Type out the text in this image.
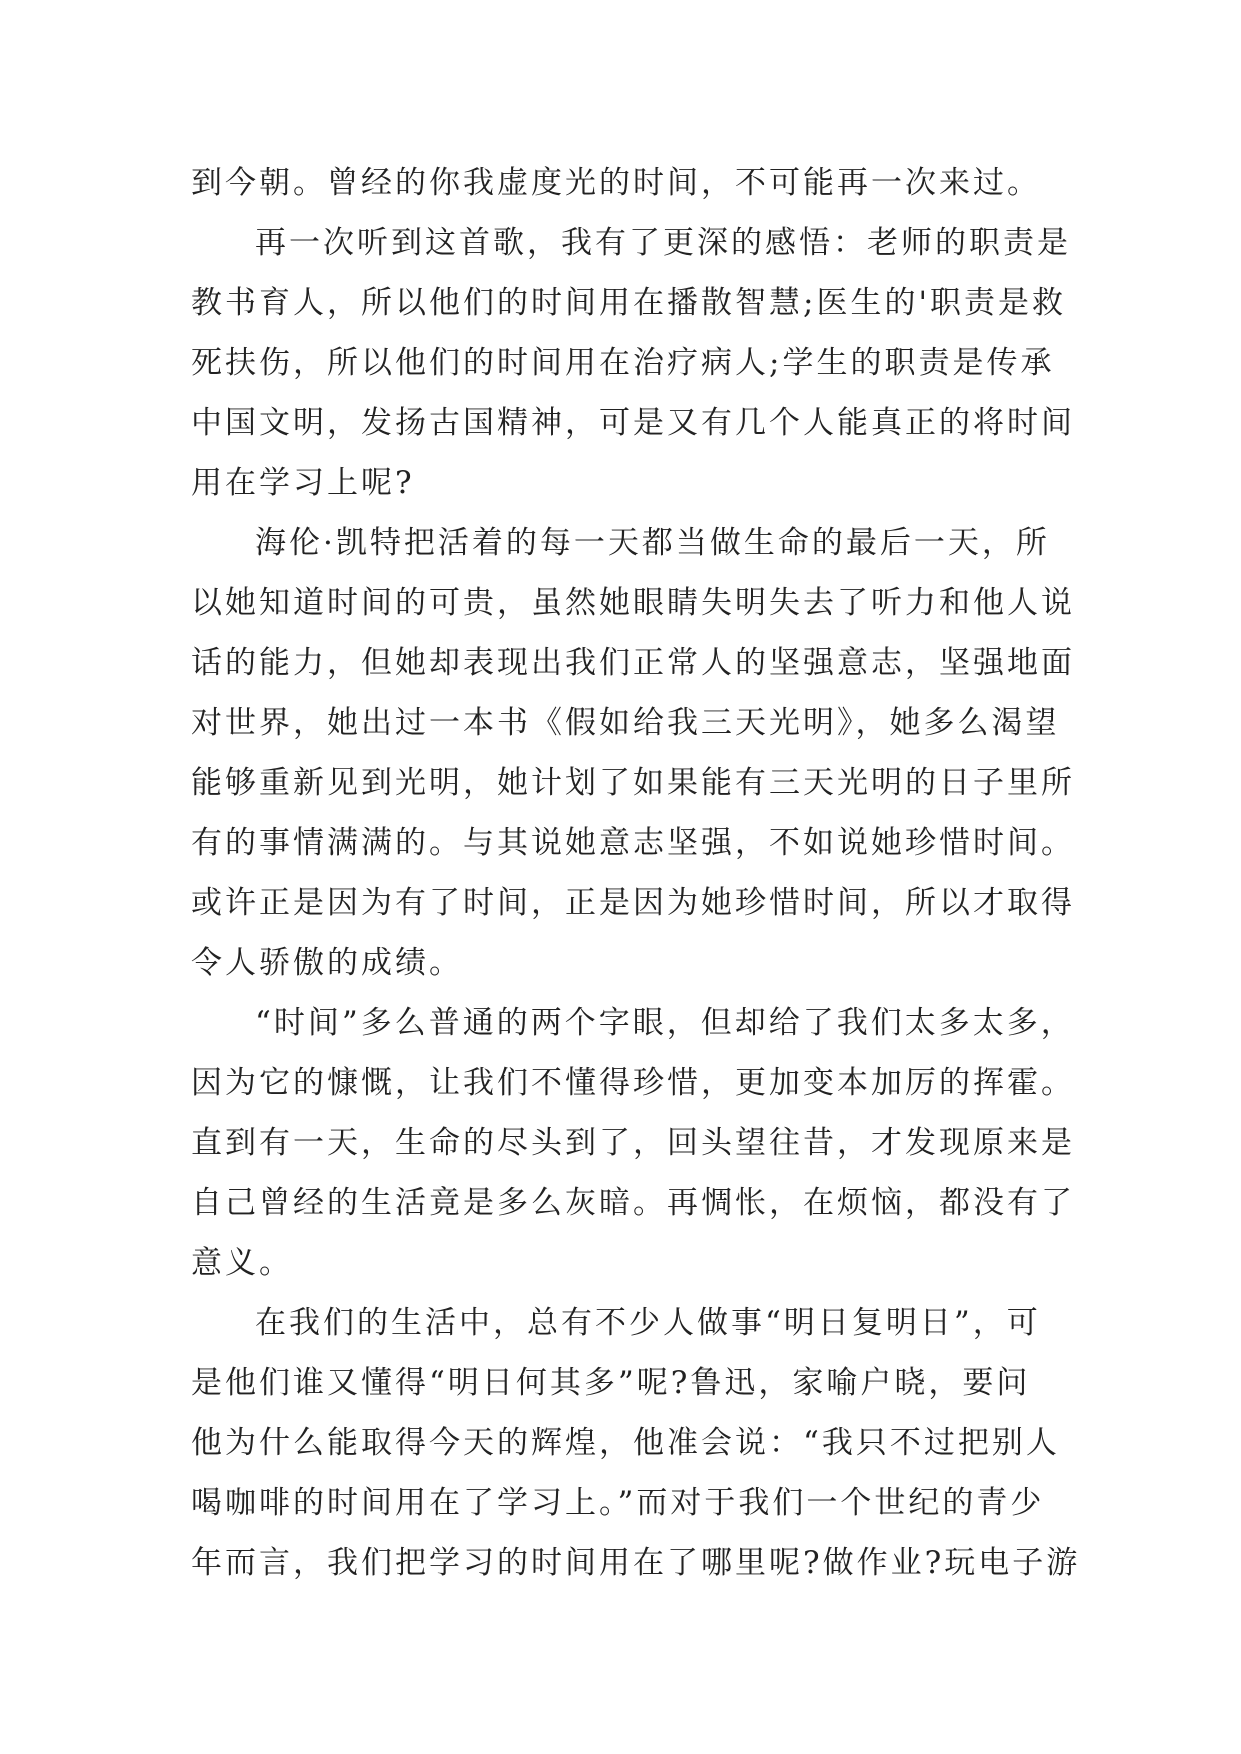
到今朝。曾经的你我虚度光的时间，不可能再一次来过。
再一次听到这首歌，我有了更深的感悟：老师的职责是
教书育人，所以他们的时间用在播散智慧;医生的'职责是救
死扶伤，所以他们的时间用在治疗病人;学生的职责是传承
中国文明，发扬古国精神，可是又有几个人能真正的将时间
用在学习上呢?
海伦·凯特把活着的每一天都当做生命的最后一天，所
以她知道时间的可贵，虽然她眼睛失明失去了听力和他人说
话的能力，但她却表现出我们正常人的坚强意志，坚强地面
对世界，她出过一本书《假如给我三天光明》，她多么渴望
能够重新见到光明，她计划了如果能有三天光明的日子里所
有的事情满满的。与其说她意志坚强，不如说她珍惜时间。
或许正是因为有了时间，正是因为她珍惜时间，所以才取得
令人骄傲的成绩。
“时间”多么普通的两个字眼，但却给了我们太多太多，
因为它的慷慨，让我们不懂得珍惜，更加变本加厉的挥霍。
直到有一天，生命的尽头到了，回头望往昔，才发现原来是
自己曾经的生活竟是多么灰暗。再惆怅，在烦恼，都没有了
意义。
在我们的生活中，总有不少人做事“明日复明日”，可
是他们谁又懂得“明日何其多”呢?鲁迅，家喻户晓，要问
他为什么能取得今天的辉煌，他准会说：“我只不过把别人
喝咖啡的时间用在了学习上。”而对于我们一个世纪的青少
年而言，我们把学习的时间用在了哪里呢?做作业?玩电子游
